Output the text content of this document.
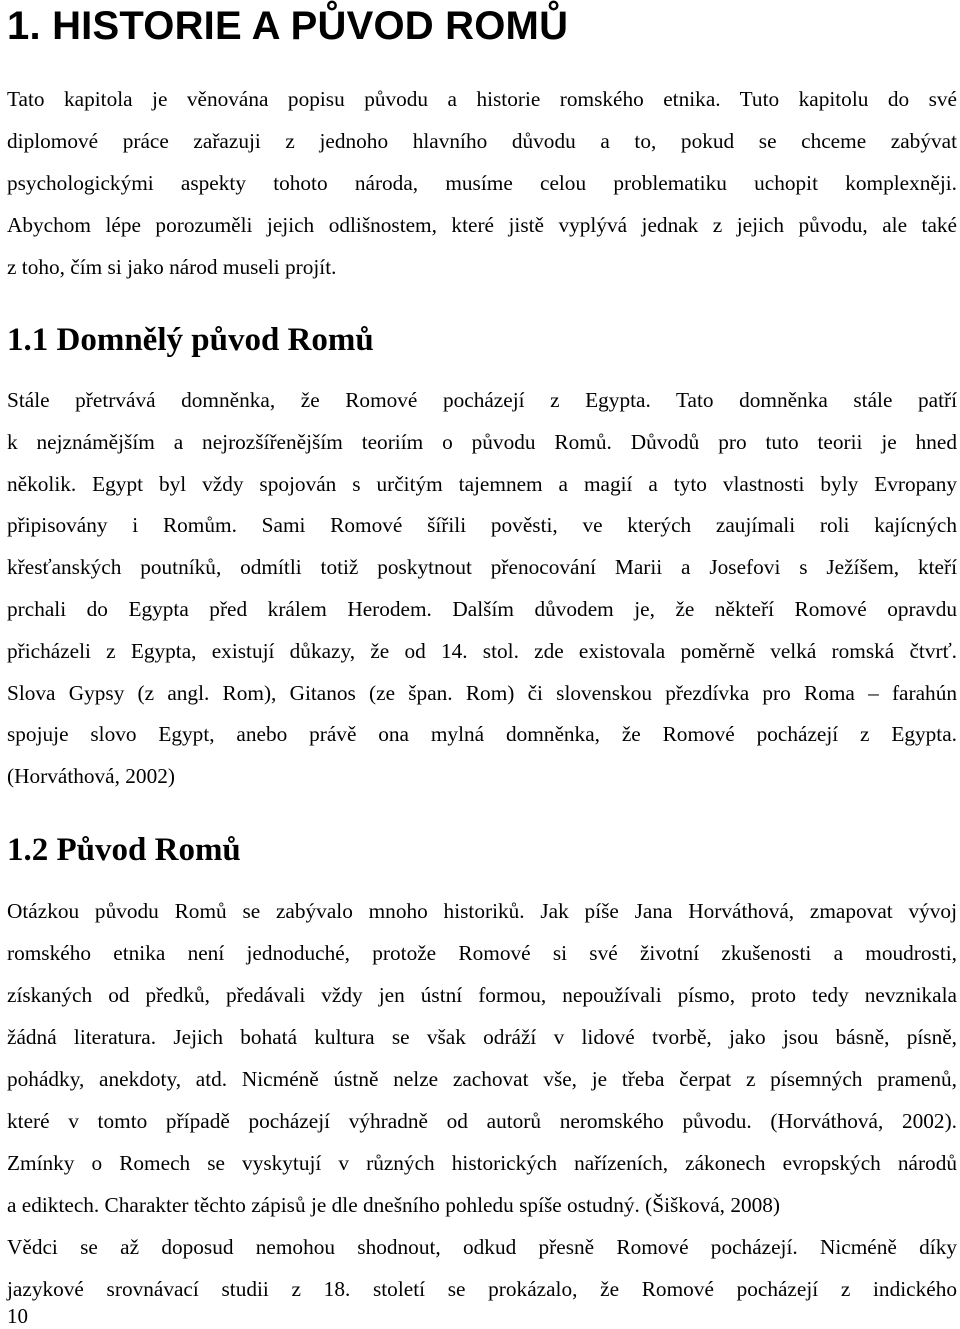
1. HISTORIE A PŮVOD ROMŮ
Tato kapitola je věnována popisu původu a historie romského etnika. Tuto kapitolu do své
diplomové práce zařazuji z jednoho hlavního důvodu a to, pokud se chceme zabývat
psychologickými aspekty tohoto národa, musíme celou problematiku uchopit komplexněji.
Abychom lépe porozuměli jejich odlišnostem, které jistě vyplývá jednak z jejich původu, ale také
z toho, čím si jako národ museli projít.
1.1 Domnělý původ Romů
Stále přetrvává domněnka, že Romové pocházejí z Egypta. Tato domněnka stále patří
k nejznámějším a nejrozšířenějším teoriím o původu Romů. Důvodů pro tuto teorii je hned
několik. Egypt byl vždy spojován s určitým tajemnem a magií a tyto vlastnosti byly Evropany
připisovány i Romům. Sami Romové šířili pověsti, ve kterých zaujímali roli kajícných
křesťanských poutníků, odmítli totiž poskytnout přenocování Marii a Josefovi s Ježíšem, kteří
prchali do Egypta před králem Herodem. Dalším důvodem je, že někteří Romové opravdu
přicházeli z Egypta, existují důkazy, že od 14. stol. zde existovala poměrně velká romská čtvrť.
Slova Gypsy (z angl. Rom), Gitanos (ze špan. Rom) či slovenskou přezdívka pro Roma – farahún
spojuje slovo Egypt, anebo právě ona mylná domněnka, že Romové pocházejí z Egypta.
(Horváthová, 2002)
1.2 Původ Romů
Otázkou původu Romů se zabývalo mnoho historiků. Jak píše Jana Horváthová, zmapovat vývoj
romského etnika není jednoduché, protože Romové si své životní zkušenosti a moudrosti,
získaných od předků, předávali vždy jen ústní formou, nepoužívali písmo, proto tedy nevznikala
žádná literatura. Jejich bohatá kultura se však odráží v lidové tvorbě, jako jsou básně, písně,
pohádky, anekdoty, atd. Nicméně ústně nelze zachovat vše, je třeba čerpat z písemných pramenů,
které v tomto případě pocházejí výhradně od autorů neromského původu. (Horváthová, 2002).
Zmínky o Romech se vyskytují v různých historických nařízeních, zákonech evropských národů
a ediktech. Charakter těchto zápisů je dle dnešního pohledu spíše ostudný. (Šišková, 2008)
Vědci se až doposud nemohou shodnout, odkud přesně Romové pocházejí. Nicméně díky
jazykové srovnávací studii z 18. století se prokázalo, že Romové pocházejí z indického
10
